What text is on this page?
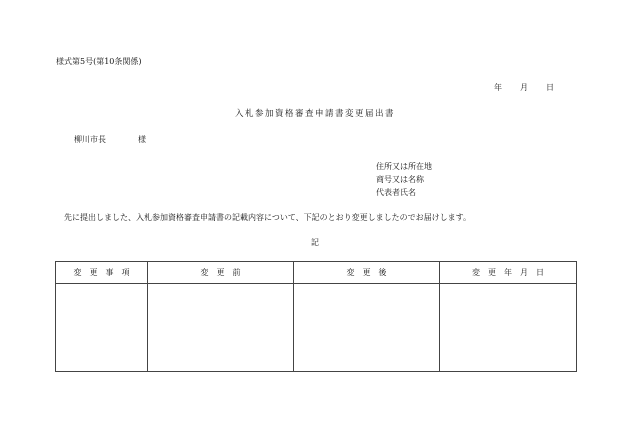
様式第5号(第10条関係)
年 月 日
入札参加資格審査申請書変更届出書
柳川市長	様
住所又は所在地
商号又は名称
代表者氏名
先に提出しました、入札参加資格審査申請書の記載内容について、下記のとおり変更しましたのでお届けします。
記
変更事項	変更前	変更後	変更年月日
